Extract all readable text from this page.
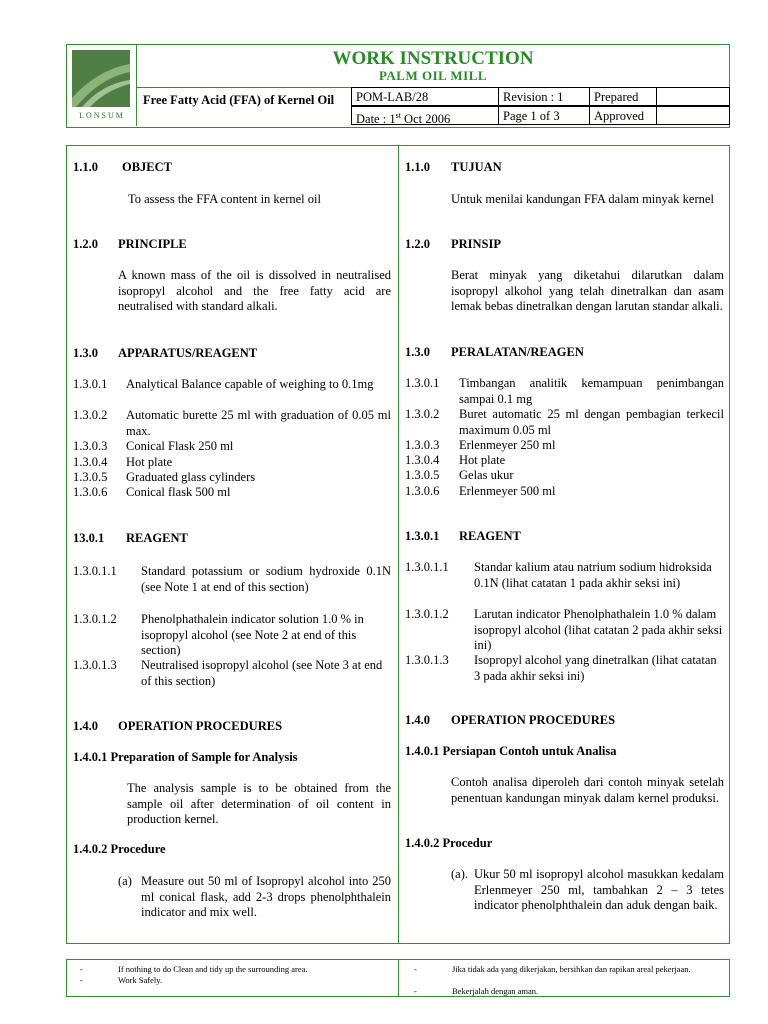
LONSUM
WORK INSTRUCTION
PALM OIL MILL
Free Fatty Acid (FFA) of Kernel Oil	POM-LAB/28	Revision : 1	Prepared
Date : 1st Oct 2006	Page 1 of 3	Approved
1.1.0 OBJECT
To assess the FFA content in kernel oil
1.2.0 PRINCIPLE
A known mass of the oil is dissolved in neutralised isopropyl alcohol and the free fatty acid are neutralised with standard alkali.
1.3.0 APPARATUS/REAGENT
1.3.0.1 Analytical Balance capable of weighing to 0.1mg
1.3.0.2 Automatic burette 25 ml with graduation of 0.05 ml max.
1.3.0.3 Conical Flask 250 ml
1.3.0.4 Hot plate
1.3.0.5 Graduated glass cylinders
1.3.0.6 Conical flask 500 ml
13.0.1 REAGENT
1.3.0.1.1 Standard potassium or sodium hydroxide 0.1N (see Note 1 at end of this section)
1.3.0.1.2 Phenolphathalein indicator solution 1.0 % in isopropyl alcohol (see Note 2 at end of this section)
1.3.0.1.3 Neutralised isopropyl alcohol (see Note 3 at end of this section)
1.4.0 OPERATION PROCEDURES
1.4.0.1 Preparation of Sample for Analysis
The analysis sample is to be obtained from the sample oil after determination of oil content in production kernel.
1.4.0.2 Procedure
(a) Measure out 50 ml of Isopropyl alcohol into 250 ml conical flask, add 2-3 drops phenolphthalein indicator and mix well.
1.1.0 TUJUAN
Untuk menilai kandungan FFA dalam minyak kernel
1.2.0 PRINSIP
Berat minyak yang diketahui dilarutkan dalam isopropyl alkohol yang telah dinetralkan dan asam lemak bebas dinetralkan dengan larutan standar alkali.
1.3.0 PERALATAN/REAGEN
1.3.0.1 Timbangan analitik kemampuan penimbangan sampai 0.1 mg
1.3.0.2 Buret automatic 25 ml dengan pembagian terkecil maximum 0.05 ml
1.3.0.3 Erlenmeyer 250 ml
1.3.0.4 Hot plate
1.3.0.5 Gelas ukur
1.3.0.6 Erlenmeyer 500 ml
1.3.0.1 REAGENT
1.3.0.1.1 Standar kalium atau natrium sodium hidroksida 0.1N (lihat catatan 1 pada akhir seksi ini)
1.3.0.1.2 Larutan indicator Phenolphathalein 1.0 % dalam isopropyl alcohol (lihat catatan 2 pada akhir seksi ini)
1.3.0.1.3 Isopropyl alcohol yang dinetralkan (lihat catatan 3 pada akhir seksi ini)
1.4.0 OPERATION PROCEDURES
1.4.0.1 Persiapan Contoh untuk Analisa
Contoh analisa diperoleh dari contoh minyak setelah penentuan kandungan minyak dalam kernel produksi.
1.4.0.2 Procedur
(a). Ukur 50 ml isopropyl alcohol masukkan kedalam Erlenmeyer 250 ml, tambahkan 2 – 3 tetes indicator phenolphthalein dan aduk dengan baik.
-	If nothing to do Clean and tidy up the surrounding area.
-	Work Safely.
-	Jika tidak ada yang dikerjakan, bersihkan dan rapikan areal pekerjaan.
-	Bekerjalah dengan aman.
